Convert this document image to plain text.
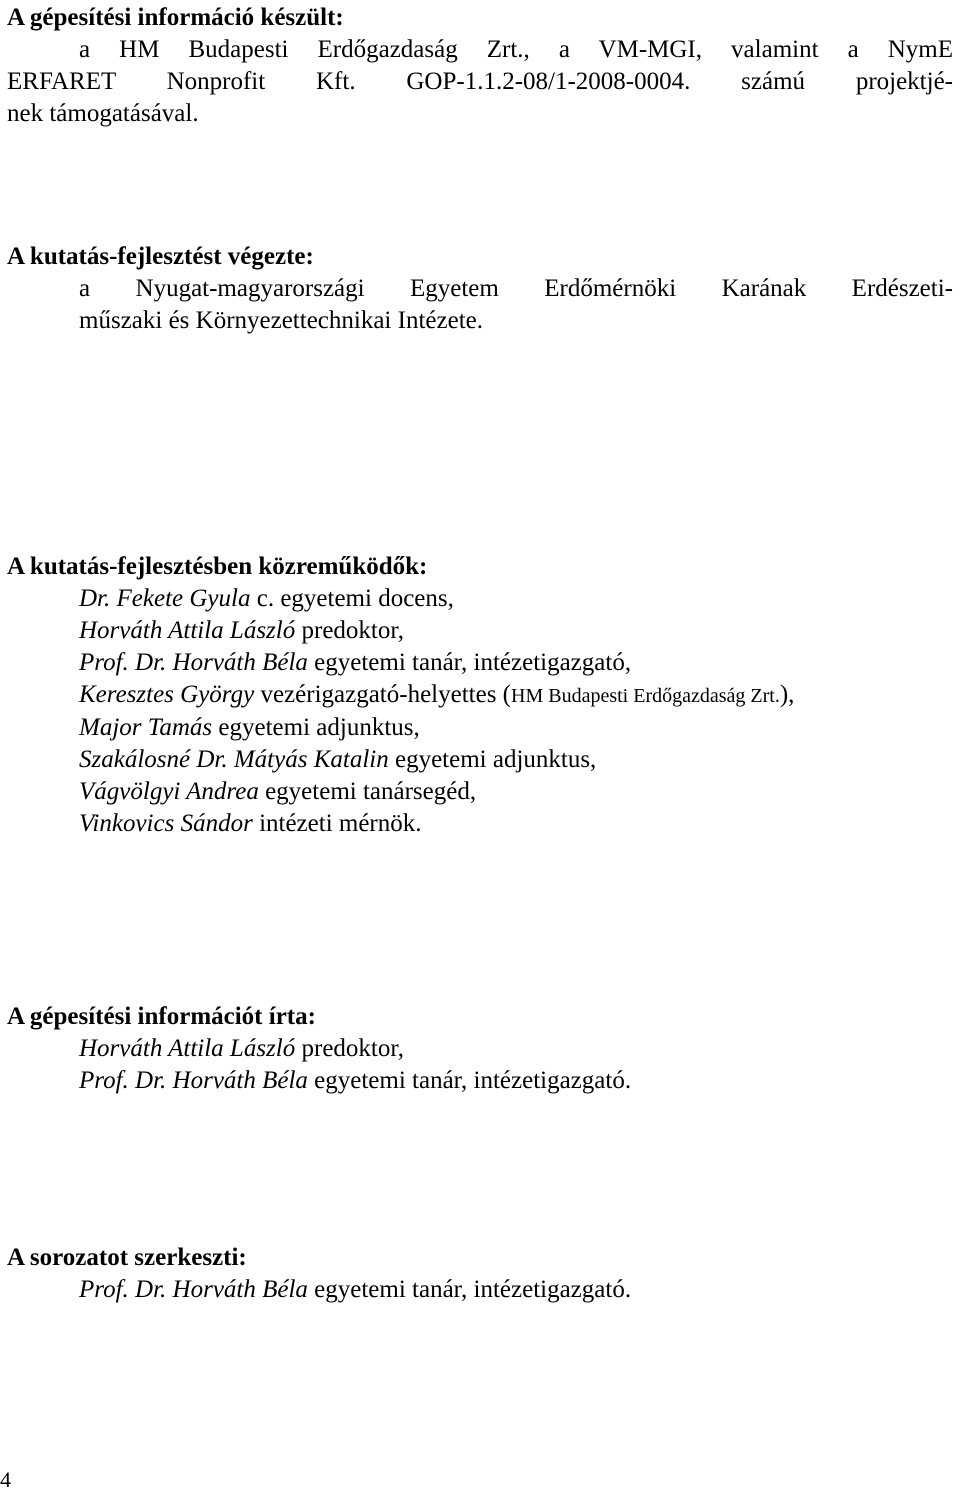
A gépesítési információ készült:
a HM Budapesti Erdőgazdaság Zrt., a VM-MGI, valamint a NymE
ERFARET Nonprofit Kft. GOP-1.1.2-08/1-2008-0004. számú projektjé-
nek támogatásával.
A kutatás-fejlesztést végezte:
a Nyugat-magyarországi Egyetem Erdőmérnöki Karának Erdészeti-
műszaki és Környezettechnikai Intézete.
A kutatás-fejlesztésben közreműködők:
Dr. Fekete Gyula c. egyetemi docens,
Horváth Attila László predoktor,
Prof. Dr. Horváth Béla egyetemi tanár, intézetigazgató,
Keresztes György vezérigazgató-helyettes (HM Budapesti Erdőgazdaság Zrt.),
Major Tamás egyetemi adjunktus,
Szakálosné Dr. Mátyás Katalin egyetemi adjunktus,
Vágvölgyi Andrea egyetemi tanársegéd,
Vinkovics Sándor intézeti mérnök.
A gépesítési információt írta:
Horváth Attila László predoktor,
Prof. Dr. Horváth Béla egyetemi tanár, intézetigazgató.
A sorozatot szerkeszti:
Prof. Dr. Horváth Béla egyetemi tanár, intézetigazgató.
4
